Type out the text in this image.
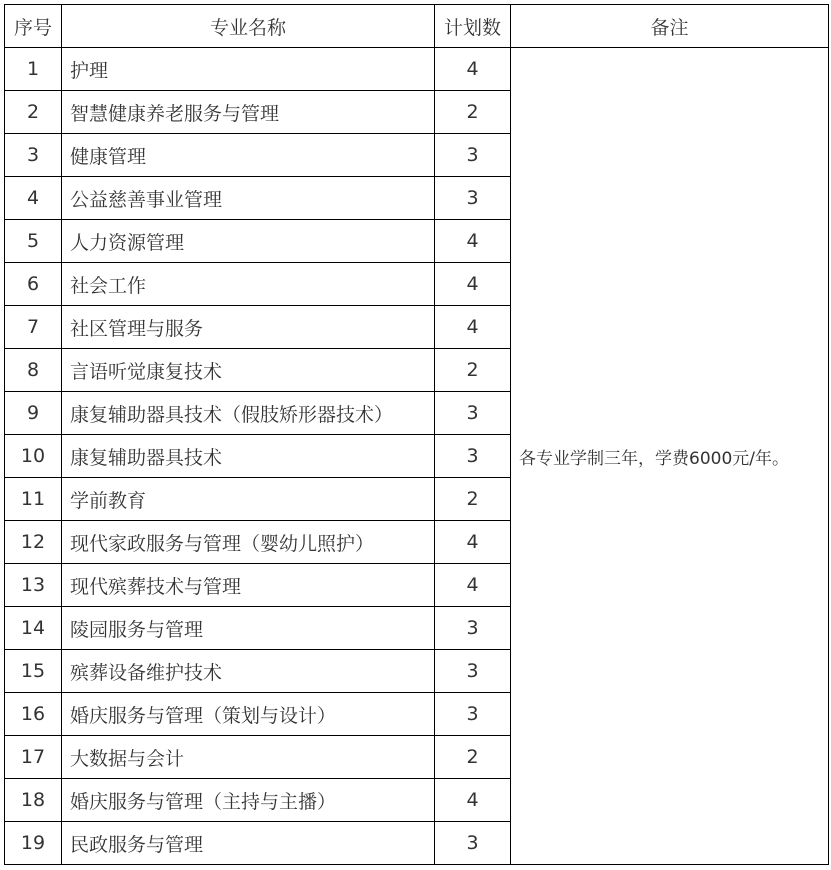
序号	专业名称	计划数	备注
1	护理	4	各专业学制三年，学费6000元/年。
2	智慧健康养老服务与管理	2	
3	健康管理	3	
4	公益慈善事业管理	3	
5	人力资源管理	4	
6	社会工作	4	
7	社区管理与服务	4	
8	言语听觉康复技术	2	
9	康复辅助器具技术（假肢矫形器技术）	3	
10	康复辅助器具技术	3	
11	学前教育	2	
12	现代家政服务与管理（婴幼儿照护）	4	
13	现代殡葬技术与管理	4	
14	陵园服务与管理	3	
15	殡葬设备维护技术	3	
16	婚庆服务与管理（策划与设计）	3	
17	大数据与会计	2	
18	婚庆服务与管理（主持与主播）	4	
19	民政服务与管理	3	
